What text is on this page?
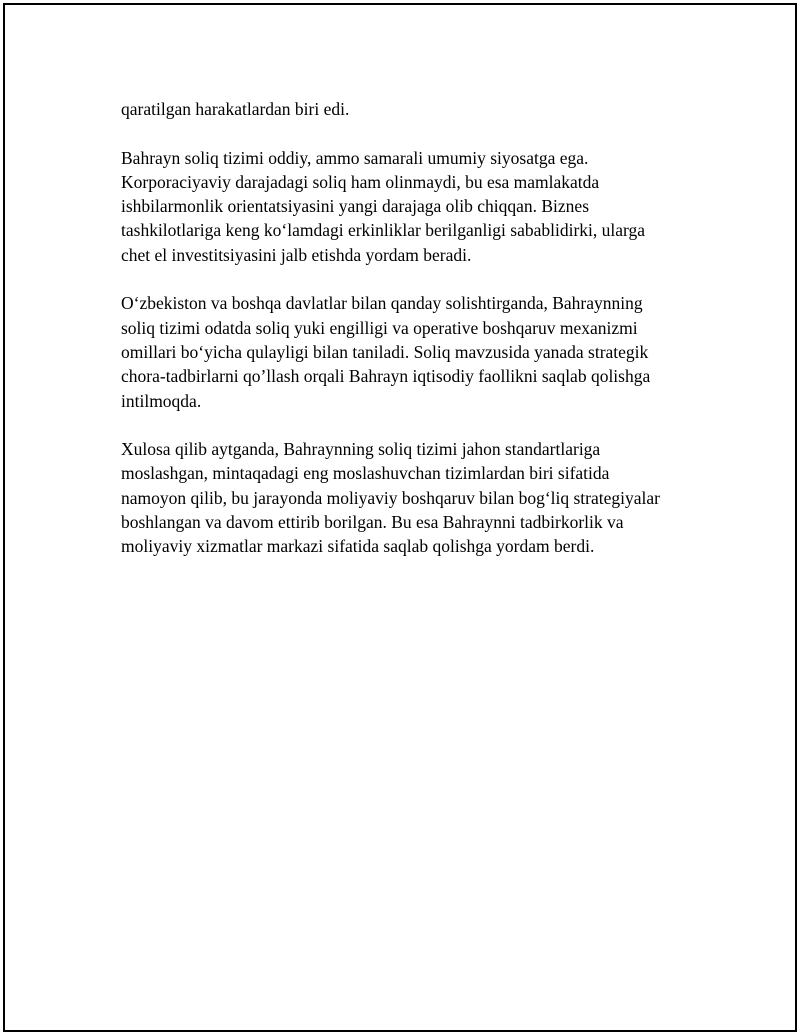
qaratilgan harakatlardan biri edi.

Bahrayn soliq tizimi oddiy, ammo samarali umumiy siyosatga ega.
Korporaciyaviy darajadagi soliq ham olinmaydi, bu esa mamlakatda
ishbilarmonlik orientatsiyasini yangi darajaga olib chiqqan. Biznes
tashkilotlariga keng ko‘lamdagi erkinliklar berilganligi sabablidirki, ularga
chet el investitsiyasini jalb etishda yordam beradi.

O‘zbekiston va boshqa davlatlar bilan qanday solishtirganda, Bahraynning
soliq tizimi odatda soliq yuki engilligi va operative boshqaruv mexanizmi
omillari bo‘yicha qulayligi bilan taniladi. Soliq mavzusida yanada strategik
chora-tadbirlarni qo’llash orqali Bahrayn iqtisodiy faollikni saqlab qolishga
intilmoqda.

Xulosa qilib aytganda, Bahraynning soliq tizimi jahon standartlariga
moslashgan, mintaqadagi eng moslashuvchan tizimlardan biri sifatida
namoyon qilib, bu jarayonda moliyaviy boshqaruv bilan bog‘liq strategiyalar
boshlangan va davom ettirib borilgan. Bu esa Bahraynni tadbirkorlik va
moliyaviy xizmatlar markazi sifatida saqlab qolishga yordam berdi.
